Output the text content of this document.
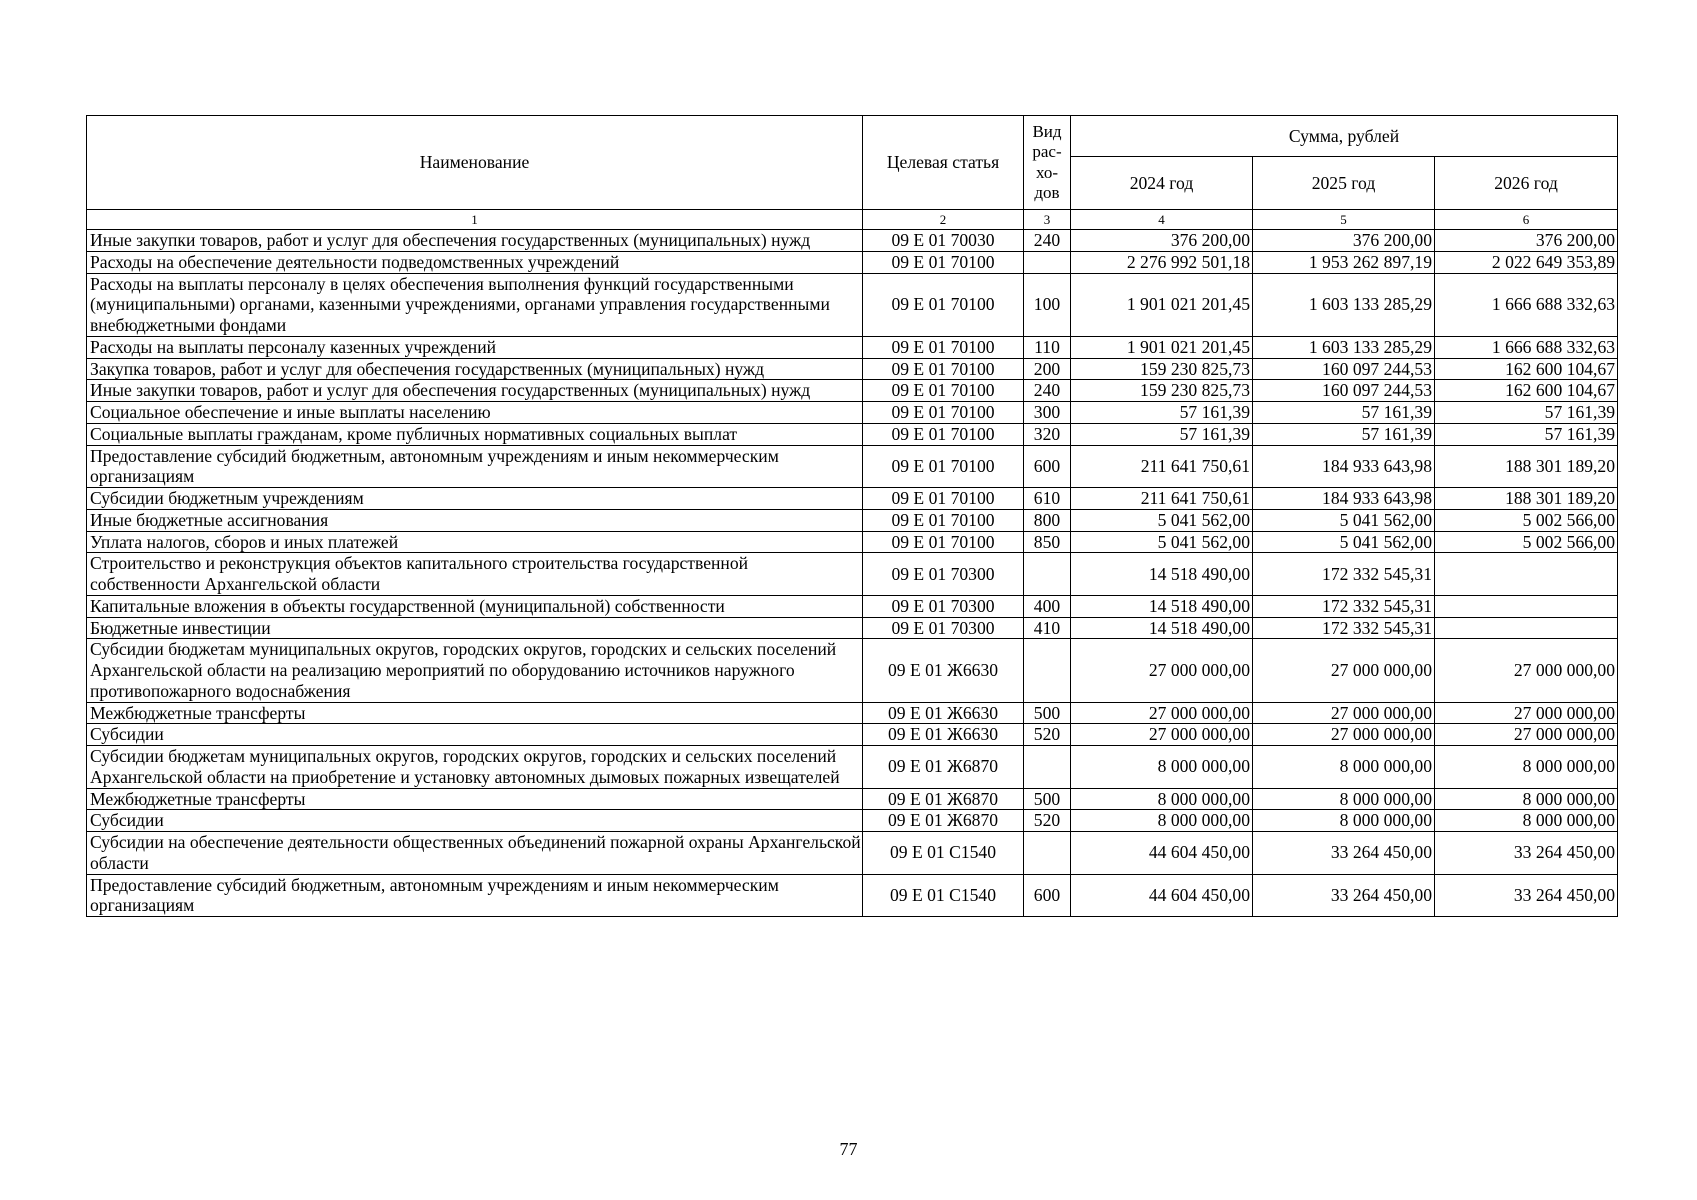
Наименование	Целевая статья	Вид рас-хо-дов	Сумма, рублей		
			2024 год	2025 год	2026 год
1	2	3	4	5	6
Иные закупки товаров, работ и услуг для обеспечения государственных (муниципальных) нужд	09 Е 01 70030	240	376 200,00	376 200,00	376 200,00
Расходы на обеспечение деятельности подведомственных учреждений	09 Е 01 70100		2 276 992 501,18	1 953 262 897,19	2 022 649 353,89
Расходы на выплаты персоналу в целях обеспечения выполнения функций государственными (муниципальными) органами, казенными учреждениями, органами управления государственными внебюджетными фондами	09 Е 01 70100	100	1 901 021 201,45	1 603 133 285,29	1 666 688 332,63
Расходы на выплаты персоналу казенных учреждений	09 Е 01 70100	110	1 901 021 201,45	1 603 133 285,29	1 666 688 332,63
Закупка товаров, работ и услуг для обеспечения государственных (муниципальных) нужд	09 Е 01 70100	200	159 230 825,73	160 097 244,53	162 600 104,67
Иные закупки товаров, работ и услуг для обеспечения государственных (муниципальных) нужд	09 Е 01 70100	240	159 230 825,73	160 097 244,53	162 600 104,67
Социальное обеспечение и иные выплаты населению	09 Е 01 70100	300	57 161,39	57 161,39	57 161,39
Социальные выплаты гражданам, кроме публичных нормативных социальных выплат	09 Е 01 70100	320	57 161,39	57 161,39	57 161,39
Предоставление субсидий бюджетным, автономным учреждениям и иным некоммерческим организациям	09 Е 01 70100	600	211 641 750,61	184 933 643,98	188 301 189,20
Субсидии бюджетным учреждениям	09 Е 01 70100	610	211 641 750,61	184 933 643,98	188 301 189,20
Иные бюджетные ассигнования	09 Е 01 70100	800	5 041 562,00	5 041 562,00	5 002 566,00
Уплата налогов, сборов и иных платежей	09 Е 01 70100	850	5 041 562,00	5 041 562,00	5 002 566,00
Строительство и реконструкция объектов капитального строительства государственной собственности Архангельской области	09 Е 01 70300		14 518 490,00	172 332 545,31	
Капитальные вложения в объекты государственной (муниципальной) собственности	09 Е 01 70300	400	14 518 490,00	172 332 545,31	
Бюджетные инвестиции	09 Е 01 70300	410	14 518 490,00	172 332 545,31	
Субсидии бюджетам муниципальных округов, городских округов, городских и сельских поселений Архангельской области на реализацию мероприятий по оборудованию источников наружного противопожарного водоснабжения	09 Е 01 Ж6630		27 000 000,00	27 000 000,00	27 000 000,00
Межбюджетные трансферты	09 Е 01 Ж6630	500	27 000 000,00	27 000 000,00	27 000 000,00
Субсидии	09 Е 01 Ж6630	520	27 000 000,00	27 000 000,00	27 000 000,00
Субсидии бюджетам муниципальных округов, городских округов, городских и сельских поселений Архангельской области на приобретение и установку автономных дымовых пожарных извещателей	09 Е 01 Ж6870		8 000 000,00	8 000 000,00	8 000 000,00
Межбюджетные трансферты	09 Е 01 Ж6870	500	8 000 000,00	8 000 000,00	8 000 000,00
Субсидии	09 Е 01 Ж6870	520	8 000 000,00	8 000 000,00	8 000 000,00
Субсидии на обеспечение деятельности общественных объединений пожарной охраны Архангельской области	09 Е 01 С1540		44 604 450,00	33 264 450,00	33 264 450,00
Предоставление субсидий бюджетным, автономным учреждениям и иным некоммерческим организациям	09 Е 01 С1540	600	44 604 450,00	33 264 450,00	33 264 450,00
77
